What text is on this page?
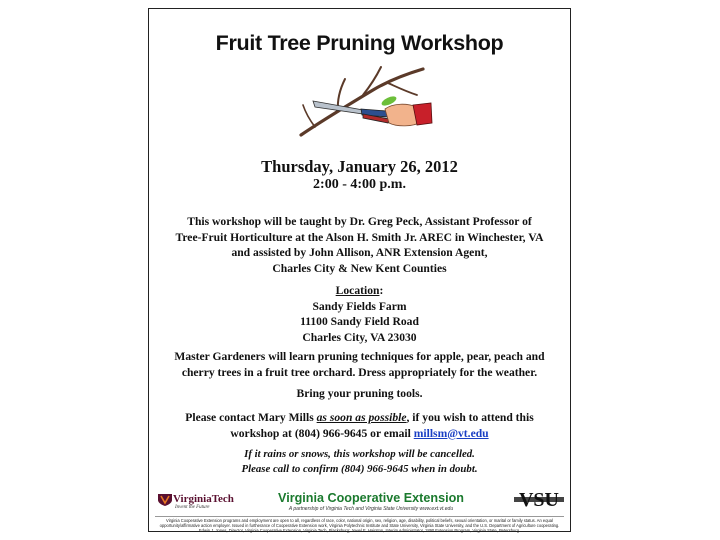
Fruit Tree Pruning Workshop
Thursday, January 26, 2012
2:00 - 4:00 p.m.
This workshop will be taught by Dr. Greg Peck, Assistant Professor of
Tree-Fruit Horticulture at the Alson H. Smith Jr. AREC in Winchester, VA
and assisted by John Allison, ANR Extension Agent,
Charles City & New Kent Counties
Location:
Sandy Fields Farm
11100 Sandy Field Road
Charles City, VA 23030
Master Gardeners will learn pruning techniques for apple, pear, peach and
cherry trees in a fruit tree orchard. Dress appropriately for the weather.
Bring your pruning tools.
Please contact Mary Mills as soon as possible, if you wish to attend this
workshop at (804) 966-9645 or email millsm@vt.edu
If it rains or snows, this workshop will be cancelled.
Please call to confirm (804) 966-9645 when in doubt.
VirginiaTech
Invent the Future
Virginia Cooperative Extension
A partnership of Virginia Tech and Virginia State University www.ext.vt.edu	VSU
Virginia Cooperative Extension programs and employment are open to all, regardless of race, color, national origin, sex, religion, age, disability, political beliefs, sexual orientation, or marital or family status. An equal opportunity/affirmative action employer. Issued in furtherance of Cooperative Extension work, Virginia Polytechnic Institute and State University, Virginia State University, and the U.S. Department of Agriculture cooperating. Edwin J. Jones, Director, Virginia Cooperative Extension, Virginia Tech, Blacksburg; Jewel E. Hairston, Interim Administrator, 1890 Extension Program, Virginia State, Petersburg.
